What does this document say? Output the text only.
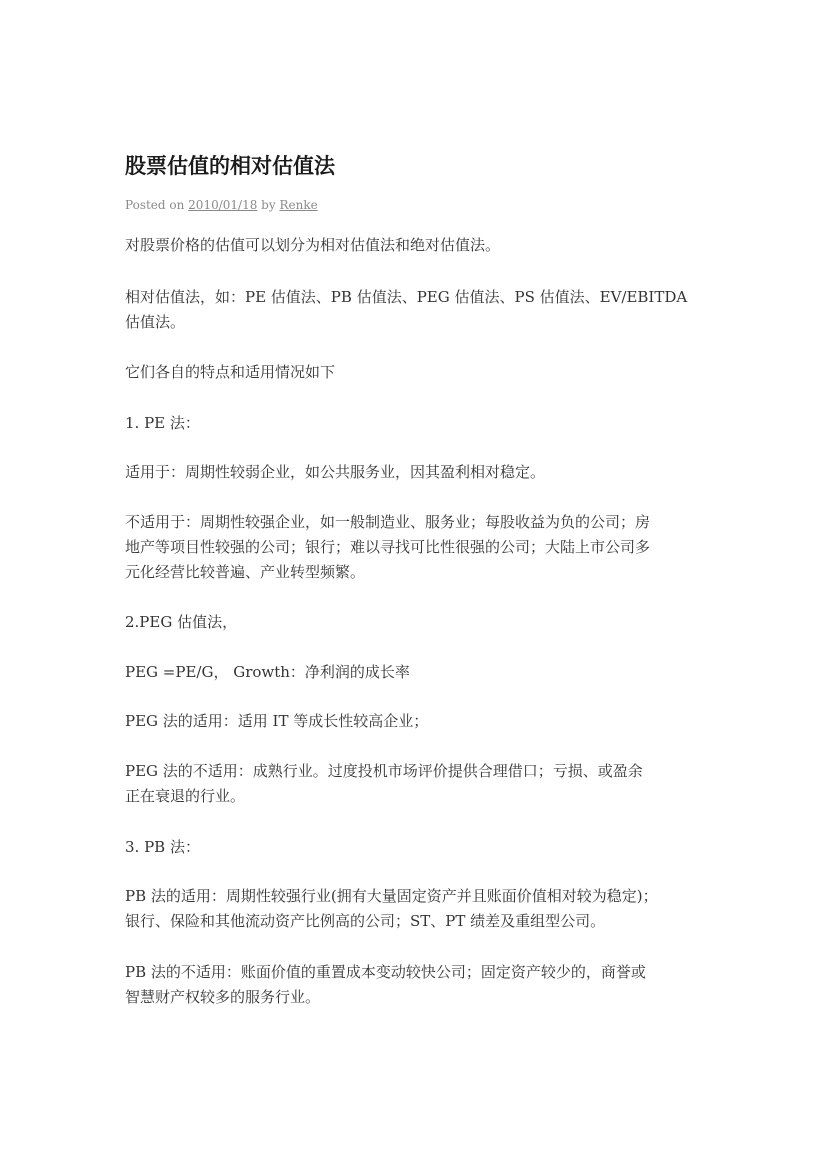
股票估值的相对估值法
Posted on 2010/01/18 by Renke

对股票价格的估值可以划分为相对估值法和绝对估值法。

相对估值法，如：PE 估值法、PB 估值法、PEG 估值法、PS 估值法、EV/EBITDA
估值法。

它们各自的特点和适用情况如下

1. PE 法：

适用于：周期性较弱企业，如公共服务业，因其盈利相对稳定。

不适用于：周期性较强企业，如一般制造业、服务业；每股收益为负的公司；房
地产等项目性较强的公司；银行；难以寻找可比性很强的公司；大陆上市公司多
元化经营比较普遍、产业转型频繁。

2.PEG 估值法，

PEG =PE/G， Growth：净利润的成长率

PEG 法的适用：适用 IT 等成长性较高企业；

PEG 法的不适用：成熟行业。过度投机市场评价提供合理借口；亏损、或盈余
正在衰退的行业。

3. PB 法：

PB 法的适用：周期性较强行业(拥有大量固定资产并且账面价值相对较为稳定)；
银行、保险和其他流动资产比例高的公司；ST、PT 绩差及重组型公司。

PB 法的不适用：账面价值的重置成本变动较快公司；固定资产较少的，商誉或
智慧财产权较多的服务行业。
